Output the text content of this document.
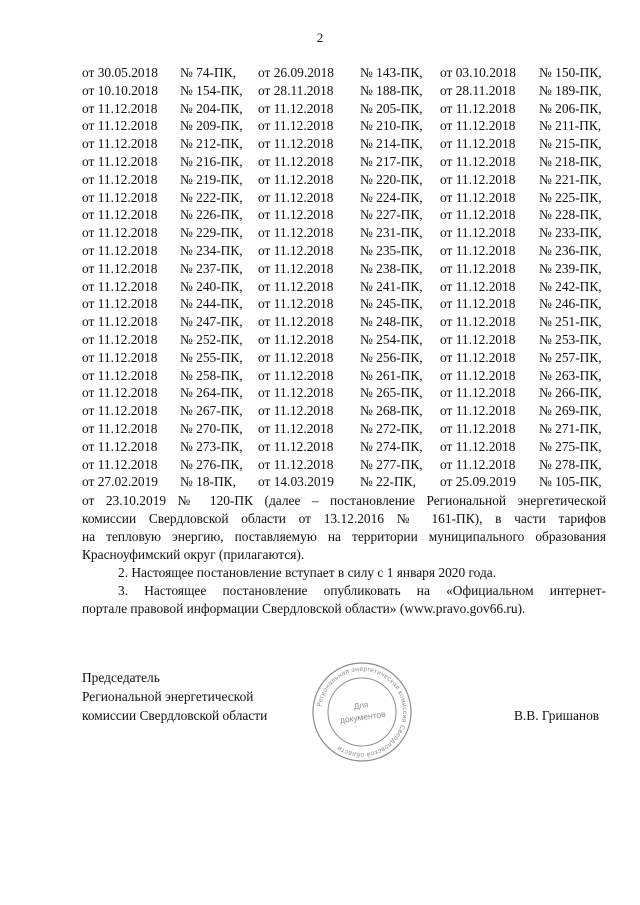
2
от 30.05.2018 № 74-ПК, от 26.09.2018 № 143-ПК, от 03.10.2018 № 150-ПК,
от 10.10.2018 № 154-ПК, от 28.11.2018 № 188-ПК, от 28.11.2018 № 189-ПК,
от 11.12.2018 № 204-ПК, от 11.12.2018 № 205-ПК, от 11.12.2018 № 206-ПК,
от 11.12.2018 № 209-ПК, от 11.12.2018 № 210-ПК, от 11.12.2018 № 211-ПК,
от 11.12.2018 № 212-ПК, от 11.12.2018 № 214-ПК, от 11.12.2018 № 215-ПК,
от 11.12.2018 № 216-ПК, от 11.12.2018 № 217-ПК, от 11.12.2018 № 218-ПК,
от 11.12.2018 № 219-ПК, от 11.12.2018 № 220-ПК, от 11.12.2018 № 221-ПК,
от 11.12.2018 № 222-ПК, от 11.12.2018 № 224-ПК, от 11.12.2018 № 225-ПК,
от 11.12.2018 № 226-ПК, от 11.12.2018 № 227-ПК, от 11.12.2018 № 228-ПК,
от 11.12.2018 № 229-ПК, от 11.12.2018 № 231-ПК, от 11.12.2018 № 233-ПК,
от 11.12.2018 № 234-ПК, от 11.12.2018 № 235-ПК, от 11.12.2018 № 236-ПК,
от 11.12.2018 № 237-ПК, от 11.12.2018 № 238-ПК, от 11.12.2018 № 239-ПК,
от 11.12.2018 № 240-ПК, от 11.12.2018 № 241-ПК, от 11.12.2018 № 242-ПК,
от 11.12.2018 № 244-ПК, от 11.12.2018 № 245-ПК, от 11.12.2018 № 246-ПК,
от 11.12.2018 № 247-ПК, от 11.12.2018 № 248-ПК, от 11.12.2018 № 251-ПК,
от 11.12.2018 № 252-ПК, от 11.12.2018 № 254-ПК, от 11.12.2018 № 253-ПК,
от 11.12.2018 № 255-ПК, от 11.12.2018 № 256-ПК, от 11.12.2018 № 257-ПК,
от 11.12.2018 № 258-ПК, от 11.12.2018 № 261-ПК, от 11.12.2018 № 263-ПК,
от 11.12.2018 № 264-ПК, от 11.12.2018 № 265-ПК, от 11.12.2018 № 266-ПК,
от 11.12.2018 № 267-ПК, от 11.12.2018 № 268-ПК, от 11.12.2018 № 269-ПК,
от 11.12.2018 № 270-ПК, от 11.12.2018 № 272-ПК, от 11.12.2018 № 271-ПК,
от 11.12.2018 № 273-ПК, от 11.12.2018 № 274-ПК, от 11.12.2018 № 275-ПК,
от 11.12.2018 № 276-ПК, от 11.12.2018 № 277-ПК, от 11.12.2018 № 278-ПК,
от 27.02.2019 № 18-ПК, от 14.03.2019 № 22-ПК, от 25.09.2019 № 105-ПК,
от 23.10.2019 № 120-ПК (далее – постановление Региональной энергетической
комиссии Свердловской области от 13.12.2016 № 161-ПК), в части тарифов
на тепловую энергию, поставляемую на территории муниципального образования
Красноуфимский округ (прилагаются).
2. Настоящее постановление вступает в силу с 1 января 2020 года.
3. Настоящее постановление опубликовать на «Официальном интернет-
портале правовой информации Свердловской области» (www.pravo.gov66.ru).
Председатель
Региональной энергетической
комиссии Свердловской области	В.В. Гришанов
Региональная энергетическая комиссия Свердловской области
Для
документов
